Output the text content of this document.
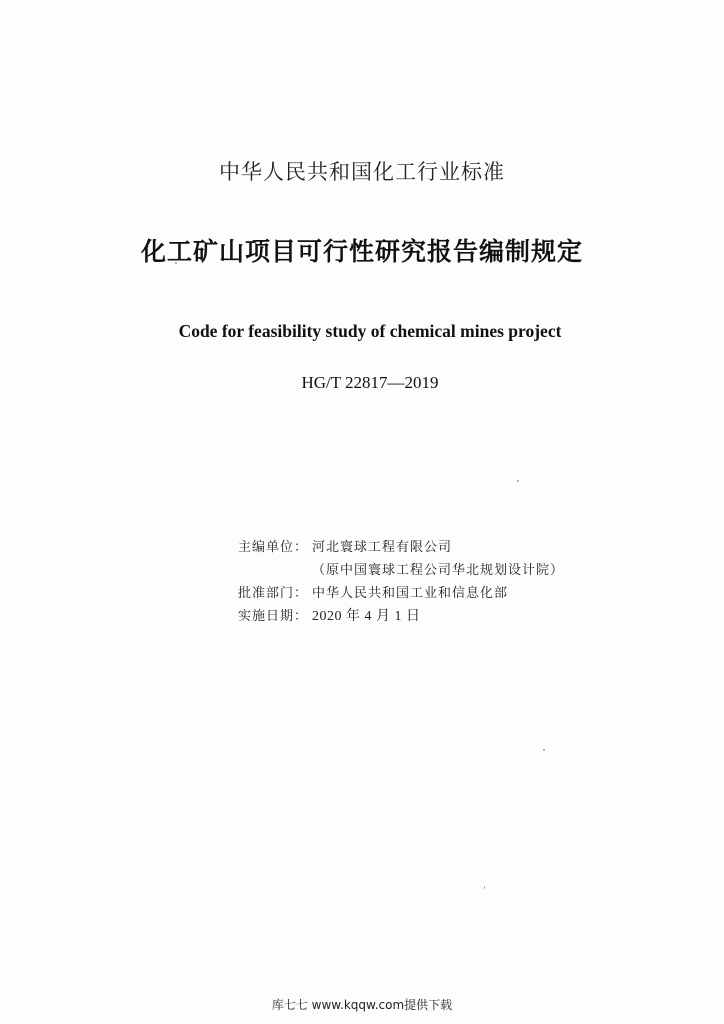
中华人民共和国化工行业标准
化工矿山项目可行性研究报告编制规定
Code for feasibility study of chemical mines project
HG/T 22817—2019
主编单位： 河北寰球工程有限公司
（原中国寰球工程公司华北规划设计院）
批准部门： 中华人民共和国工业和信息化部
实施日期： 2020 年 4 月 1 日
库七七 www.kqqw.com提供下载
